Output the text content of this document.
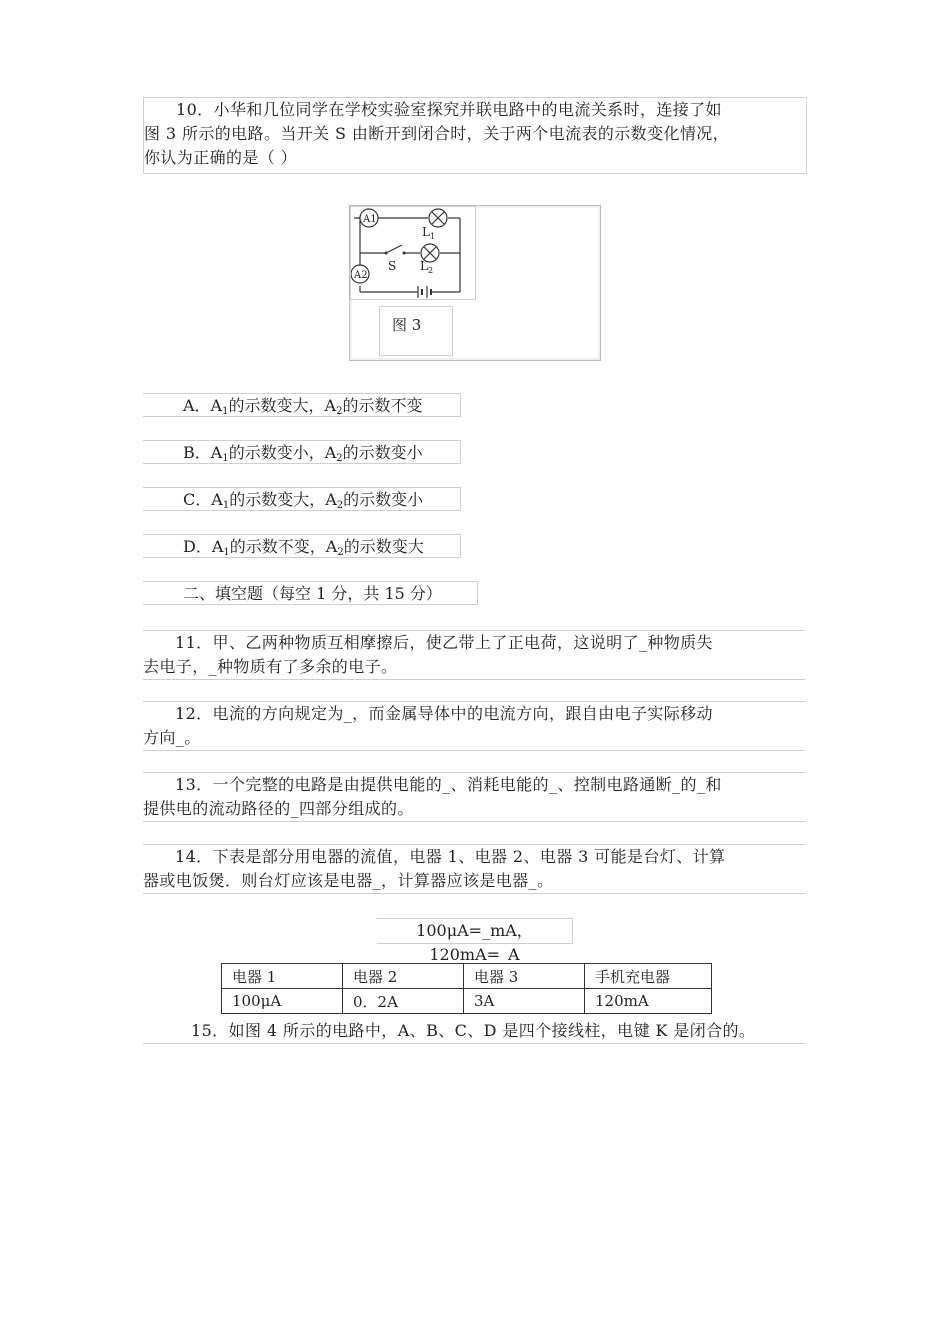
10．小华和几位同学在学校实验室探究并联电路中的电流关系时，连接了如

图 3 所示的电路。当开关 S 由断开到闭合时，关于两个电流表的示数变化情况，

你认为正确的是（ ）

A1
L 1
L 2
S
A2
图 3
A．$A_1$的示数变大，$A_2$的示数不变
B．$A_1$的示数变小，$A_2$的示数变小
C．$A_1$的示数变大，$A_2$的示数变小
D．$A_1$的示数不变，$A_2$的示数变大
二、填空题（每空 1 分，共 15 分）

11．甲、乙两种物质互相摩擦后，使乙带上了正电荷，这说明了_种物质失

去电子，_种物质有了多余的电子。

12．电流的方向规定为_，而金属导体中的电流方向，跟自由电子实际移动

方向_。

13．一个完整的电路是由提供电能的_、消耗电能的_、控制电路通断_的_和

提供电的流动路径的_四部分组成的。

14．下表是部分用电器的流值，电器 1、电器 2、电器 3 可能是台灯、计算

器或电饭煲．则台灯应该是电器_，计算器应该是电器_。

100μA=_mA，120mA=_A
电器 1	电器 2	电器 3	手机充电器
100μA	0．2A	3A	120mA

15．如图 4 所示的电路中，A、B、C、D 是四个接线柱，电键 K 是闭合的。
